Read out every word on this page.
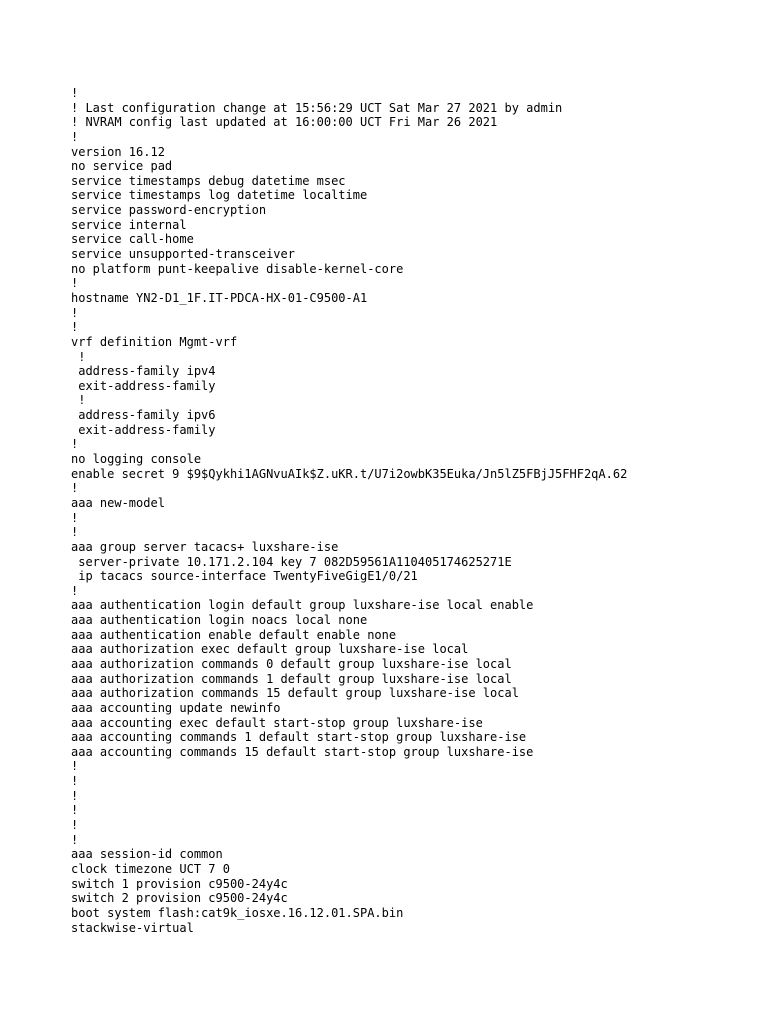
!
! Last configuration change at 15:56:29 UCT Sat Mar 27 2021 by admin
! NVRAM config last updated at 16:00:00 UCT Fri Mar 26 2021
!
version 16.12
no service pad
service timestamps debug datetime msec
service timestamps log datetime localtime
service password-encryption
service internal
service call-home
service unsupported-transceiver
no platform punt-keepalive disable-kernel-core
!
hostname YN2-D1_1F.IT-PDCA-HX-01-C9500-A1
!
!
vrf definition Mgmt-vrf
!
address-family ipv4
exit-address-family
!
address-family ipv6
exit-address-family
!
no logging console
enable secret 9 $9$Qykhi1AGNvuAIk$Z.uKR.t/U7i2owbK35Euka/Jn5lZ5FBjJ5FHF2qA.62
!
aaa new-model
!
!
aaa group server tacacs+ luxshare-ise
server-private 10.171.2.104 key 7 082D59561A110405174625271E
ip tacacs source-interface TwentyFiveGigE1/0/21
!
aaa authentication login default group luxshare-ise local enable
aaa authentication login noacs local none
aaa authentication enable default enable none
aaa authorization exec default group luxshare-ise local
aaa authorization commands 0 default group luxshare-ise local
aaa authorization commands 1 default group luxshare-ise local
aaa authorization commands 15 default group luxshare-ise local
aaa accounting update newinfo
aaa accounting exec default start-stop group luxshare-ise
aaa accounting commands 1 default start-stop group luxshare-ise
aaa accounting commands 15 default start-stop group luxshare-ise
!
!
!
!
!
!
aaa session-id common
clock timezone UCT 7 0
switch 1 provision c9500-24y4c
switch 2 provision c9500-24y4c
boot system flash:cat9k_iosxe.16.12.01.SPA.bin
stackwise-virtual
